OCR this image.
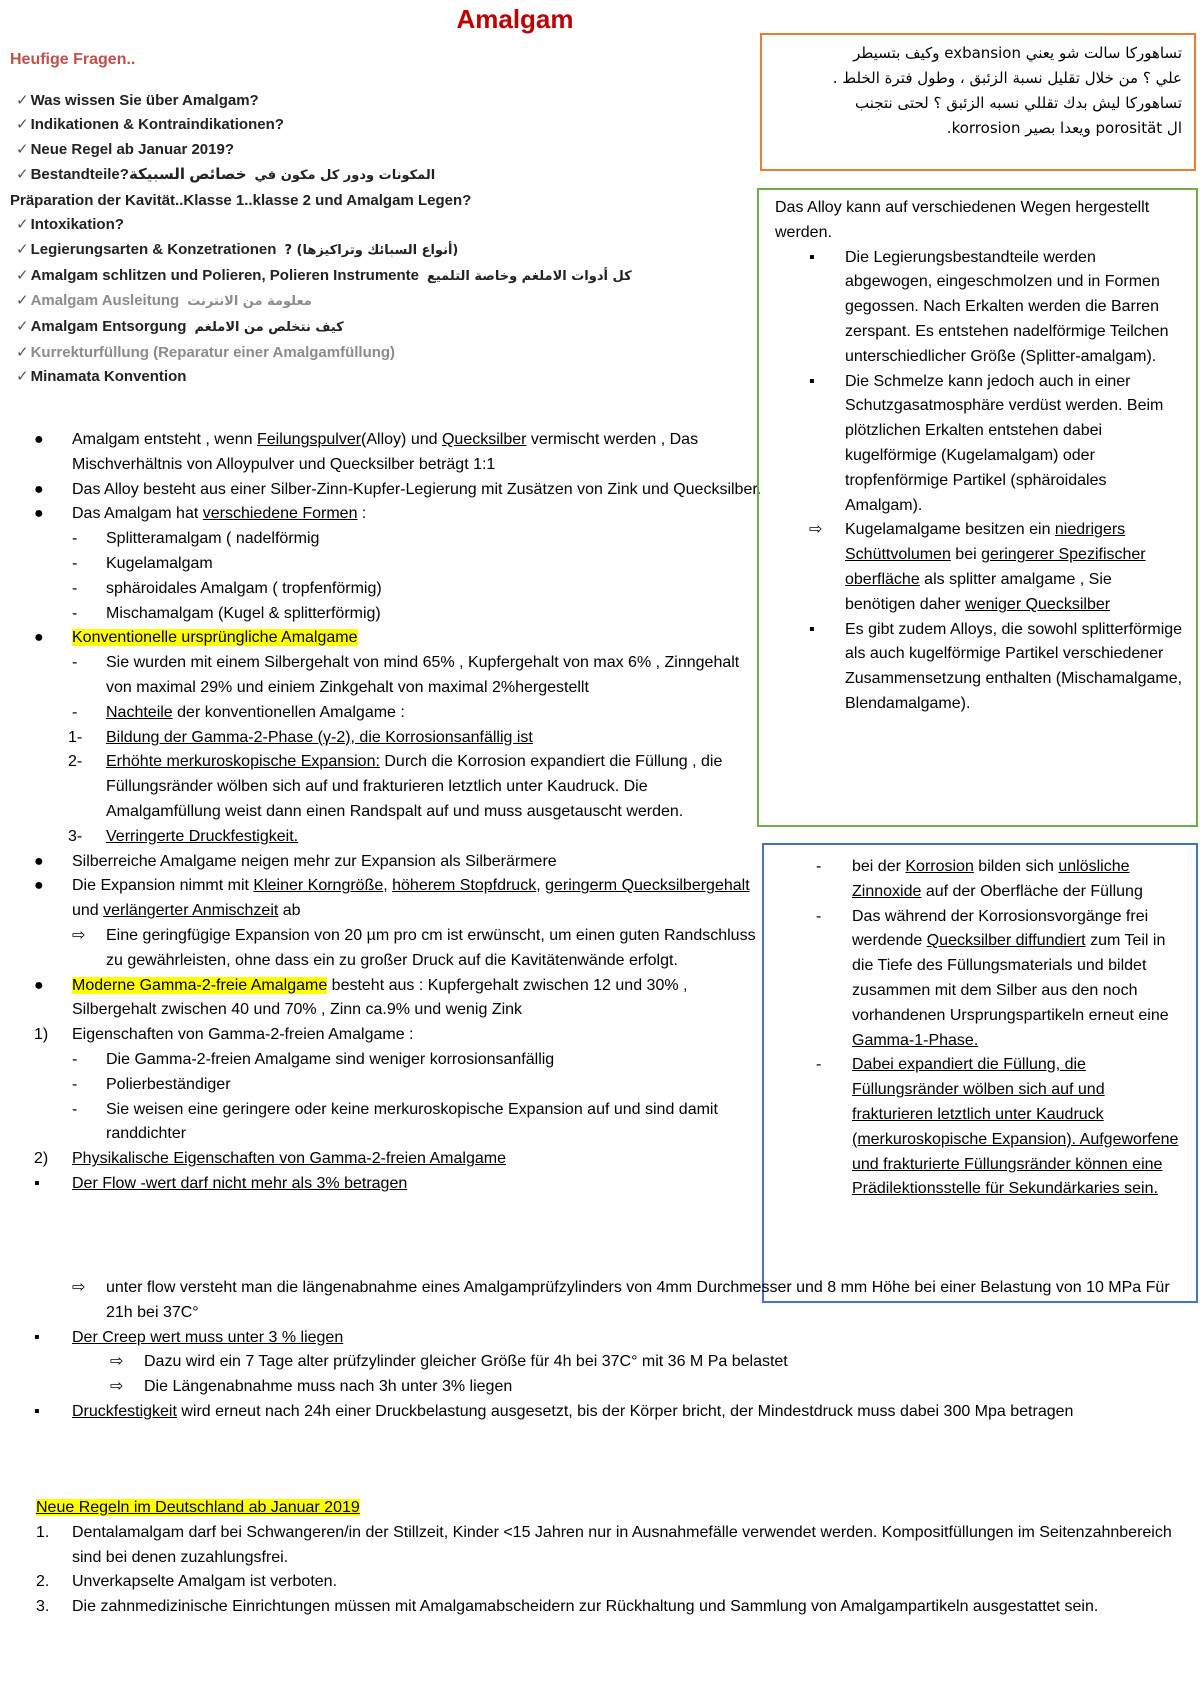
Amalgam
Heufige Fragen..
✓ Was wissen Sie über Amalgam?
✓ Indikationen & Kontraindikationen?
✓ Neue Regel ab Januar 2019?
✓ Bestandteile?خصائص السبيكة المكونات ودور كل مكون في
Präparation der Kavität..Klasse 1..klasse 2 und Amalgam Legen?
✓ Intoxikation?
✓ Legierungsarten & Konzetrationen (أنواع السبائك وتراكيزها) ?
✓ Amalgam schlitzen und Polieren, Polieren Instrumente كل أدوات الاملغم وخاصة التلميع
✓ Amalgam Ausleitung معلومة من الانترنت
✓ Amalgam Entsorgung كيف نتخلص من الاملغم
✓ Kurrekturfüllung (Reparatur einer Amalgamfüllung)
✓ Minamata Konvention
تساهوركا سالت شو يعني exbansion وكيف بتسيطر
علي ؟ من خلال تقليل نسبة الزئبق ، وطول فترة الخلط .
تساهوركا ليش بدك تقللي نسبه الزئبق ؟ لحتى نتجنب
ال porosität ويعدا بصير korrosion.
● Amalgam entsteht , wenn Feilungspulver(Alloy) und Quecksilber vermischt werden , Das Mischverhältnis von Alloypulver und Quecksilber beträgt 1:1
● Das Alloy besteht aus einer Silber-Zinn-Kupfer-Legierung mit Zusätzen von Zink und Quecksilber.
● Das Amalgam hat verschiedene Formen :
- Splitteramalgam ( nadelförmig
- Kugelamalgam
- sphäroidales Amalgam ( tropfenförmig)
- Mischamalgam (Kugel & splitterförmig)
● Konventionelle ursprüngliche Amalgame
- Sie wurden mit einem Silbergehalt von mind 65% , Kupfergehalt von max 6% , Zinngehalt von maximal 29% und einiem Zinkgehalt von maximal 2%hergestellt
- Nachteile der konventionellen Amalgame :
1- Bildung der Gamma-2-Phase (γ-2), die Korrosionsanfällig ist
2- Erhöhte merkuroskopische Expansion: Durch die Korrosion expandiert die Füllung , die Füllungsränder wölben sich auf und frakturieren letztlich unter Kaudruck. Die Amalgamfüllung weist dann einen Randspalt auf und muss ausgetauscht werden.
3- Verringerte Druckfestigkeit.
● Silberreiche Amalgame neigen mehr zur Expansion als Silberärmere
● Die Expansion nimmt mit Kleiner Korngröße, höherem Stopfdruck, geringerm Quecksilbergehalt und verlängerter Anmischzeit ab
⇨ Eine geringfügige Expansion von 20 µm pro cm ist erwünscht, um einen guten Randschluss zu gewährleisten, ohne dass ein zu großer Druck auf die Kavitätenwände erfolgt.
● Moderne Gamma-2-freie Amalgame besteht aus : Kupfergehalt zwischen 12 und 30% , Silbergehalt zwischen 40 und 70% , Zinn ca.9% und wenig Zink
1) Eigenschaften von Gamma-2-freien Amalgame :
- Die Gamma-2-freien Amalgame sind weniger korrosionsanfällig
- Polierbeständiger
- Sie weisen eine geringere oder keine merkuroskopische Expansion auf und sind damit randdichter
2) Physikalische Eigenschaften von Gamma-2-freien Amalgame
▪ Der Flow -wert darf nicht mehr als 3% betragen
Das Alloy kann auf verschiedenen Wegen hergestellt werden.
▪ Die Legierungsbestandteile werden abgewogen, eingeschmolzen und in Formen gegossen. Nach Erkalten werden die Barren zerspant. Es entstehen nadelförmige Teilchen unterschiedlicher Größe (Splitter-amalgam).
▪ Die Schmelze kann jedoch auch in einer Schutzgasatmosphäre verdüst werden. Beim plötzlichen Erkalten entstehen dabei kugelförmige (Kugelamalgam) oder tropfenförmige Partikel (sphäroidales Amalgam).
⇨ Kugelamalgame besitzen ein niedrigers Schüttvolumen bei geringerer Spezifischer oberfläche als splitter amalgame , Sie benötigen daher weniger Quecksilber
▪ Es gibt zudem Alloys, die sowohl splitterförmige als auch kugelförmige Partikel verschiedener Zusammensetzung enthalten (Mischamalgame, Blendamalgame).
- bei der Korrosion bilden sich unlösliche Zinnoxide auf der Oberfläche der Füllung
- Das während der Korrosionsvorgänge frei werdende Quecksilber diffundiert zum Teil in die Tiefe des Füllungsmaterials und bildet zusammen mit dem Silber aus den noch vorhandenen Ursprungspartikeln erneut eine Gamma-1-Phase.
- Dabei expandiert die Füllung, die Füllungsränder wölben sich auf und frakturieren letztlich unter Kaudruck (merkuroskopische Expansion). Aufgeworfene und frakturierte Füllungsränder können eine Prädilektionsstelle für Sekundärkaries sein.
⇨ unter flow versteht man die längenabnahme eines Amalgamprüfzylinders von 4mm Durchmesser und 8 mm Höhe bei einer Belastung von 10 MPa Für 21h bei 37C°
▪ Der Creep wert muss unter 3 % liegen
⇨ Dazu wird ein 7 Tage alter prüfzylinder gleicher Größe für 4h bei 37C° mit 36 M Pa belastet
⇨ Die Längenabnahme muss nach 3h unter 3% liegen
▪ Druckfestigkeit wird erneut nach 24h einer Druckbelastung ausgesetzt, bis der Körper bricht, der Mindestdruck muss dabei 300 Mpa betragen
Neue Regeln im Deutschland ab Januar 2019
1. Dentalamalgam darf bei Schwangeren/in der Stillzeit, Kinder <15 Jahren nur in Ausnahmefälle verwendet werden. Kompositfüllungen im Seitenzahnbereich sind bei denen zuzahlungsfrei.
2. Unverkapselte Amalgam ist verboten.
3. Die zahnmedizinische Einrichtungen müssen mit Amalgamabscheidern zur Rückhaltung und Sammlung von Amalgampartikeln ausgestattet sein.
